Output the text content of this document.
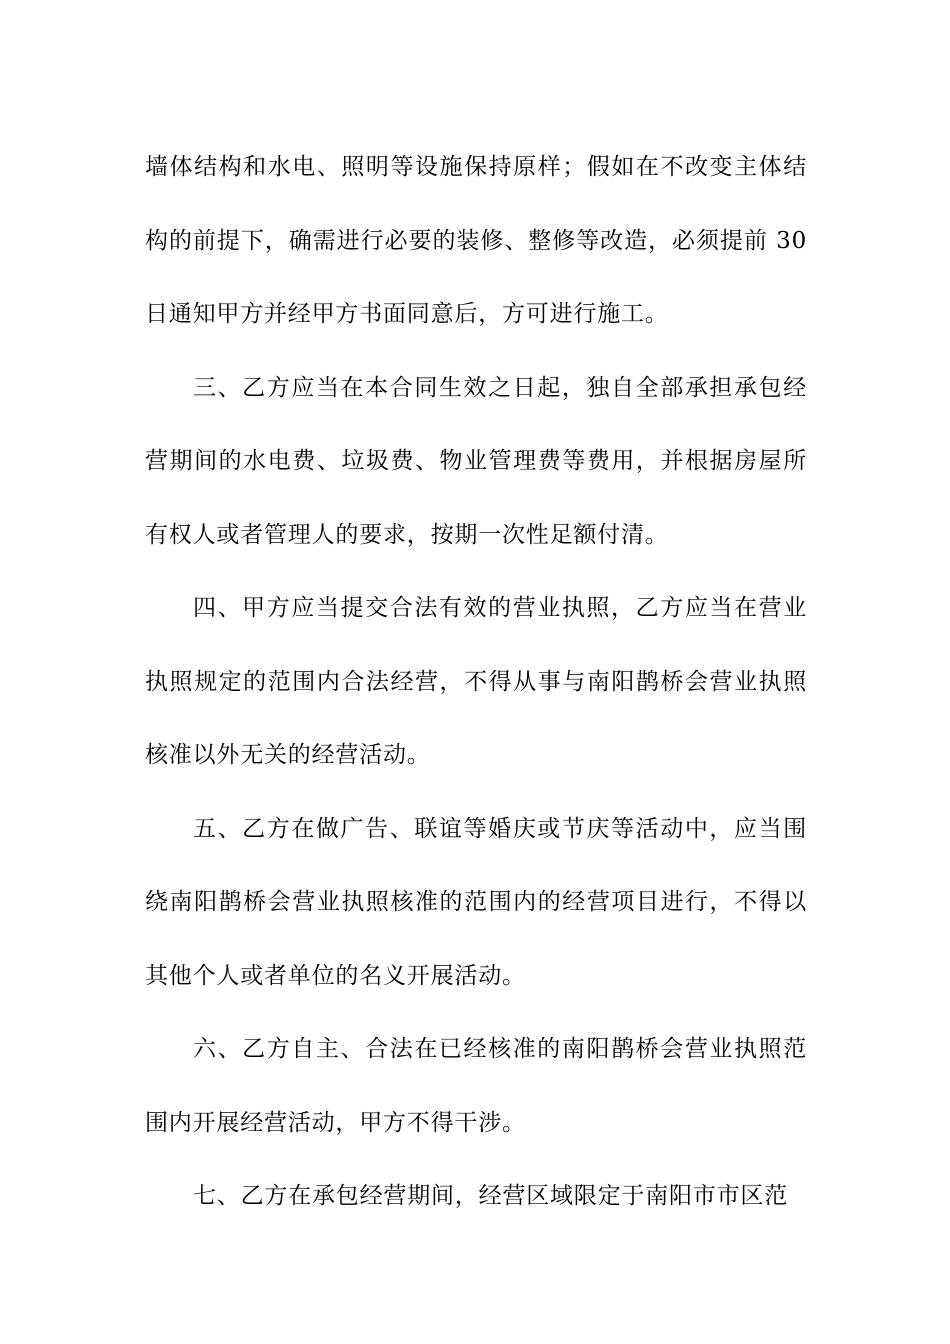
墙体结构和水电、照明等设施保持原样；假如在不改变主体结构的前提下，确需进行必要的装修、整修等改造，必须提前 30 日通知甲方并经甲方书面同意后，方可进行施工。

三、乙方应当在本合同生效之日起，独自全部承担承包经营期间的水电费、垃圾费、物业管理费等费用，并根据房屋所有权人或者管理人的要求，按期一次性足额付清。

四、甲方应当提交合法有效的营业执照，乙方应当在营业执照规定的范围内合法经营，不得从事与南阳鹊桥会营业执照核准以外无关的经营活动。

五、乙方在做广告、联谊等婚庆或节庆等活动中，应当围绕南阳鹊桥会营业执照核准的范围内的经营项目进行，不得以其他个人或者单位的名义开展活动。

六、乙方自主、合法在已经核准的南阳鹊桥会营业执照范围内开展经营活动，甲方不得干涉。

七、乙方在承包经营期间，经营区域限定于南阳市市区范
